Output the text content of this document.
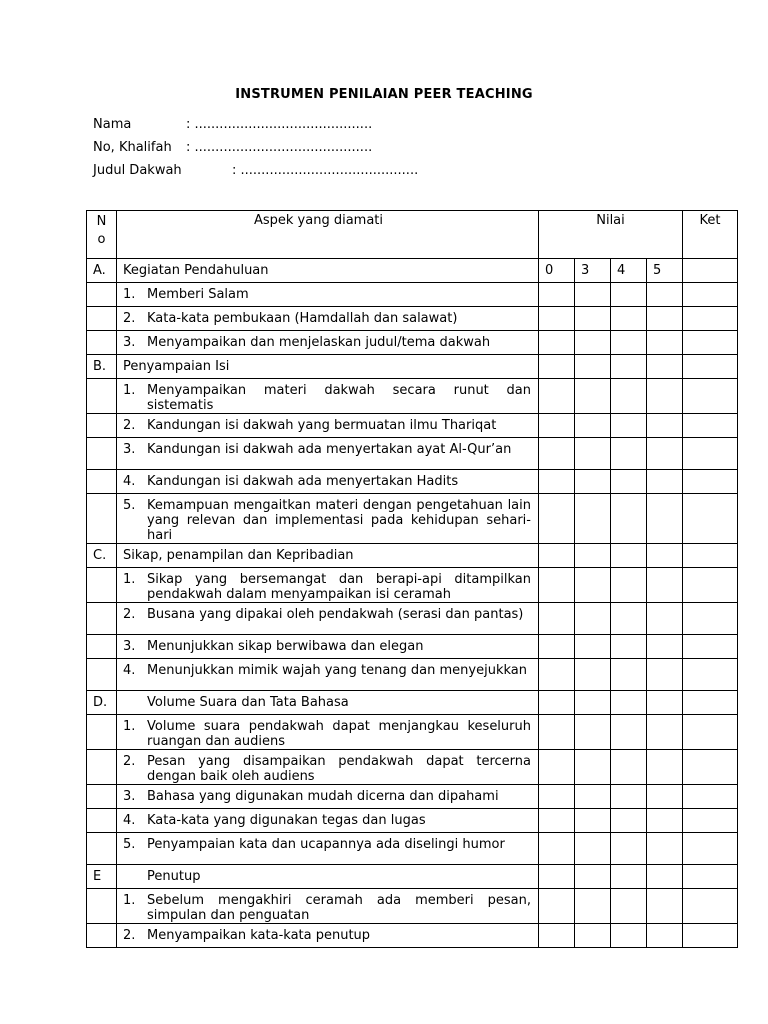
INSTRUMEN PENILAIAN PEER TEACHING
Nama	: ...........................................
No, Khalifah : ...........................................
Judul Dakwah	: ...........................................
N
o	Aspek yang diamati	Nilai				Ket
A.	Kegiatan Pendahuluan	0	3	4	5	

	1. Memberi Salam					

	2. Kata-kata pembukaan (Hamdallah dan salawat)					

	3. Menyampaikan dan menjelaskan judul/tema dakwah					

B.	Penyampaian Isi					

	1. Menyampaikan materi dakwah secara runut dan sistematis					

	2. Kandungan isi dakwah yang bermuatan ilmu Thariqat					

	3. Kandungan isi dakwah ada menyertakan ayat Al-Qur’an					

	4. Kandungan isi dakwah ada menyertakan Hadits					

	5. Kemampuan mengaitkan materi dengan pengetahuan lain yang relevan dan implementasi pada kehidupan sehari-hari					

C.	Sikap, penampilan dan Kepribadian					

	1. Sikap yang bersemangat dan berapi-api ditampilkan pendakwah dalam menyampaikan isi ceramah					

	2. Busana yang dipakai oleh pendakwah (serasi dan pantas)					

	3. Menunjukkan sikap berwibawa dan elegan					

	4. Menunjukkan mimik wajah yang tenang dan menyejukkan					

D.	Volume Suara dan Tata Bahasa					

	1. Volume suara pendakwah dapat menjangkau keseluruh ruangan dan audiens					

	2. Pesan yang disampaikan pendakwah dapat tercerna dengan baik oleh audiens					

	3. Bahasa yang digunakan mudah dicerna dan dipahami					

	4. Kata-kata yang digunakan tegas dan lugas					

	5. Penyampaian kata dan ucapannya ada diselingi humor					

E	Penutup					

	1. Sebelum mengakhiri ceramah ada memberi pesan, simpulan dan penguatan					

	2. Menyampaikan kata-kata penutup					
